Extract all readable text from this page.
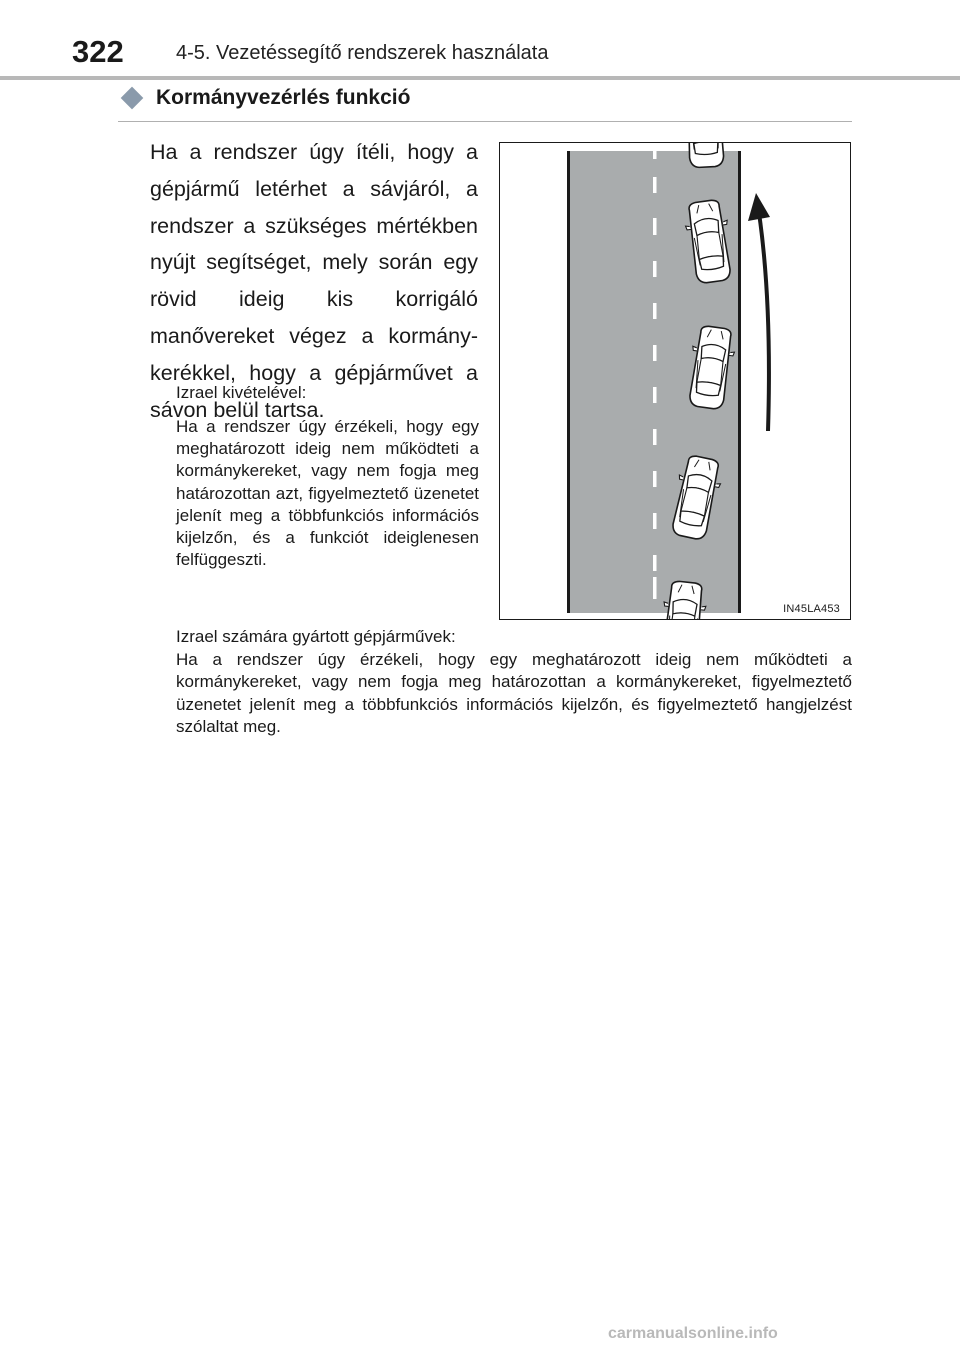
322	4-5. Vezetéssegítő rendszerek használata
Kormányvezérlés funkció

Ha a rendszer úgy ítéli, hogy a gépjármű letérhet a sávjáról, a rendszer a szükséges mértékben nyújt segítséget, mely során egy rövid ideig kis korrigáló manővereket végez a kormánykerékkel, hogy a gépjárművet a sávon belül tartsa.

Izrael kivételével:

Ha a rendszer úgy érzékeli, hogy egy meghatározott ideig nem működteti a kormánykereket, vagy nem fogja meg határozottan azt, figyelmeztető üzenetet jelenít meg a többfunkciós információs kijelzőn, és a funkciót ideiglenesen felfüggeszti.

Izrael számára gyártott gépjárművek:
Ha a rendszer úgy érzékeli, hogy egy meghatározott ideig nem működteti a kormánykereket, vagy nem fogja meg határozottan a kormánykereket, figyelmeztető üzenetet jelenít meg a többfunkciós információs kijelzőn, és figyelmeztető hangjelzést szólaltat meg.
IN45LA453
carmanualsonline.info
